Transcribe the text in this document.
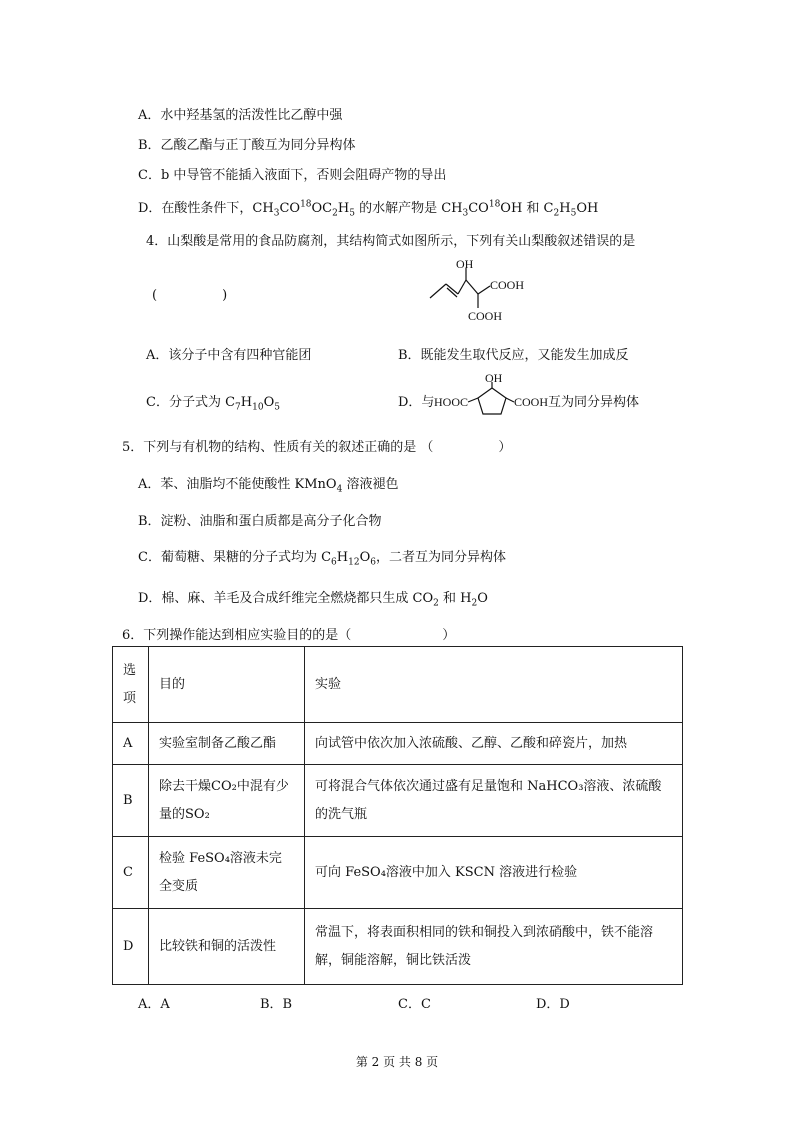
A．水中羟基氢的活泼性比乙醇中强
B．乙酸乙酯与正丁酸互为同分异构体
C．b 中导管不能插入液面下，否则会阻碍产物的导出
D．在酸性条件下，$CH_3CO^{18}OC_2H_5$ 的水解产物是 $CH_3CO^{18}OH$ 和 $C_2H_5OH$
4．山梨酸是常用的食品防腐剂，其结构简式如图所示，下列有关山梨酸叙述错误的是
(　　　　　)
OH
COOH
COOH
A．该分子中含有四种官能团	B．既能发生取代反应，又能发生加成反
C．分子式为 $C_7H_{10}O_5$	D．与
OH
HOOC	COOH 互为同分异构体
5．下列与有机物的结构、性质有关的叙述正确的是 （　　　　　）
A．苯、油脂均不能使酸性 KMnO$_4$ 溶液褪色
B．淀粉、油脂和蛋白质都是高分子化合物
C．葡萄糖、果糖的分子式均为 $C_6H_{12}O_6$，二者互为同分异构体
D．棉、麻、羊毛及合成纤维完全燃烧都只生成 $CO_2$ 和 $H_2O$
6．下列操作能达到相应实验目的的是（　　　　　　　）
选项	目的	实验
A	实验室制备乙酸乙酯	向试管中依次加入浓硫酸、乙醇、乙酸和碎瓷片，加热
B	除去干燥CO₂中混有少量的SO₂	可将混合气体依次通过盛有足量饱和 NaHCO₃溶液、浓硫酸的洗气瓶
C	检验 FeSO₄溶液未完全变质	可向 FeSO₄溶液中加入 KSCN 溶液进行检验
D	比较铁和铜的活泼性	常温下，将表面积相同的铁和铜投入到浓硝酸中，铁不能溶解，铜能溶解，铜比铁活泼
A．A	B．B	C．C	D．D
第 2 页 共 8 页
